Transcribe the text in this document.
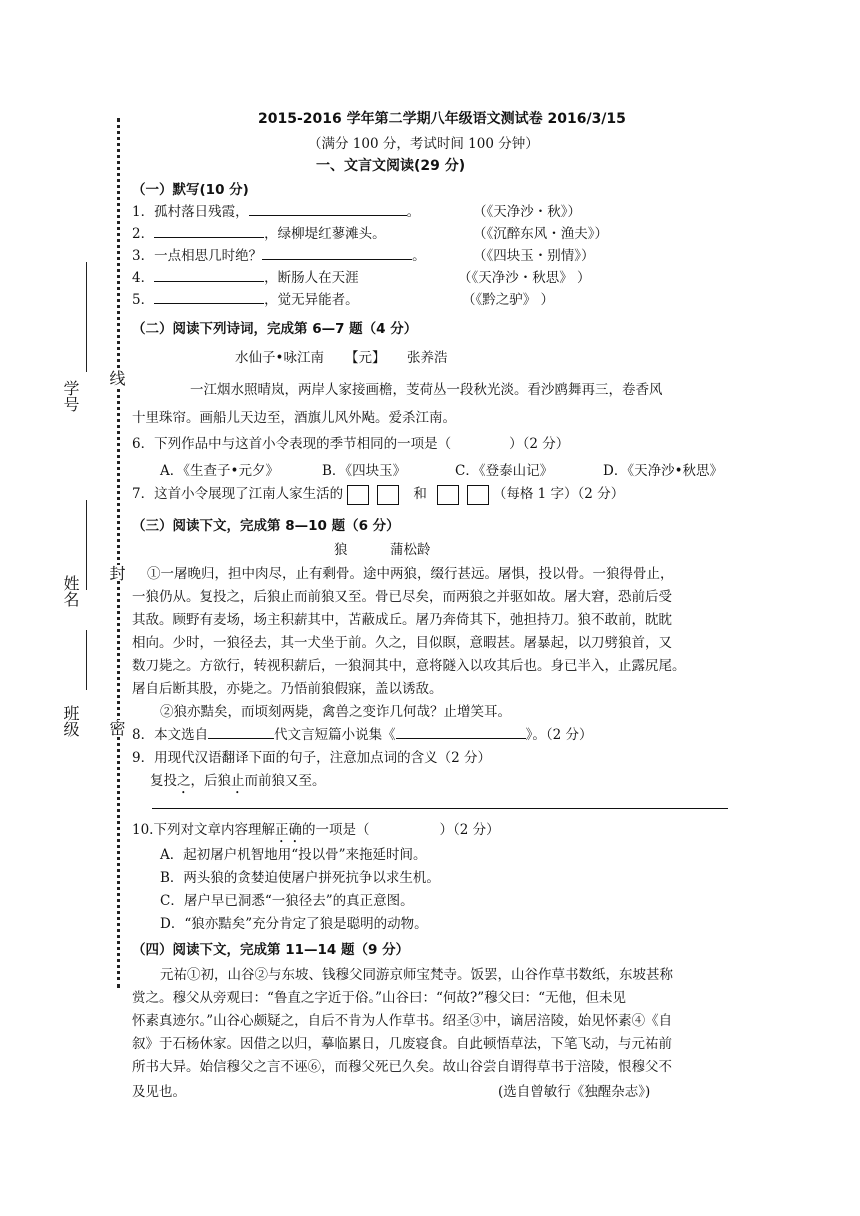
学号
姓名
班级
线
封
密
2015-2016 学年第二学期八年级语文测试卷 2016/3/15
（满分 100 分，考试时间 100 分钟）
一、文言文阅读(29 分)
（一）默写(10 分)
1．孤村落日残霞，	。	（《天净沙・秋》）
2．	，绿柳堤红蓼滩头。	（《沉醉东风・渔夫》）
3．一点相思几时绝？	。	（《四块玉・别情》）
4．	，断肠人在天涯	（《天净沙・秋思》 ）
5．	，觉无异能者。	（《黔之驴》 ）
（二）阅读下列诗词，完成第 6—7 题（4 分）
水仙子•咏江南 【元】 张养浩
一江烟水照晴岚，两岸人家接画檐，芰荷丛一段秋光淡。看沙鸥舞再三，卷香风
十里珠帘。画船儿天边至，酒旗儿风外飐。爱杀江南。
6．下列作品中与这首小令表现的季节相同的一项是（	）（2 分）
A．《生查子•元夕》	B．《四块玉》	C．《登泰山记》	D．《天净沙•秋思》
7．这首小令展现了江南人家生活的	和	（每格 1 字）（2 分）
（三）阅读下文，完成第 8—10 题（6 分）
狼	蒲松龄
①一屠晚归，担中肉尽，止有剩骨。途中两狼，缀行甚远。屠惧，投以骨。一狼得骨止，
一狼仍从。复投之，后狼止而前狼又至。骨已尽矣，而两狼之并驱如故。屠大窘，恐前后受
其敌。顾野有麦场，场主积薪其中，苫蔽成丘。屠乃奔倚其下，弛担持刀。狼不敢前，眈眈
相向。少时，一狼径去，其一犬坐于前。久之，目似瞑，意暇甚。屠暴起，以刀劈狼首，又
数刀毙之。方欲行，转视积薪后，一狼洞其中，意将隧入以攻其后也。身已半入，止露尻尾。
屠自后断其股，亦毙之。乃悟前狼假寐，盖以诱敌。
②狼亦黠矣，而顷刻两毙，禽兽之变诈几何哉？止增笑耳。
8．本文选自	代文言短篇小说集《	》。（2 分）
9．用现代汉语翻译下面的句子，注意加点词的含义（2 分）
复投之，后狼止而前狼又至。
10.下列对文章内容理解正确的一项是（	）（2 分）
A．起初屠户机智地用“投以骨”来拖延时间。
B．两头狼的贪婪迫使屠户拼死抗争以求生机。
C．屠户早已洞悉“一狼径去”的真正意图。
D．“狼亦黠矣”充分肯定了狼是聪明的动物。
（四）阅读下文，完成第 11—14 题（9 分）
元祐①初，山谷②与东坡、钱穆父同游京师宝梵寺。饭罢，山谷作草书数纸，东坡甚称
赏之。穆父从旁观曰：“鲁直之字近于俗。”山谷曰：“何故?”穆父曰：“无他，但未见
怀素真迹尔。”山谷心颇疑之，自后不肯为人作草书。绍圣③中，谪居涪陵，始见怀素④《自
叙》于石杨休家。因借之以归，摹临累日，几废寝食。自此顿悟草法，下笔飞动，与元祐前
所书大异。始信穆父之言不诬⑥，而穆父死已久矣。故山谷尝自谓得草书于涪陵，恨穆父不
及见也。	(选自曾敏行《独醒杂志》)
